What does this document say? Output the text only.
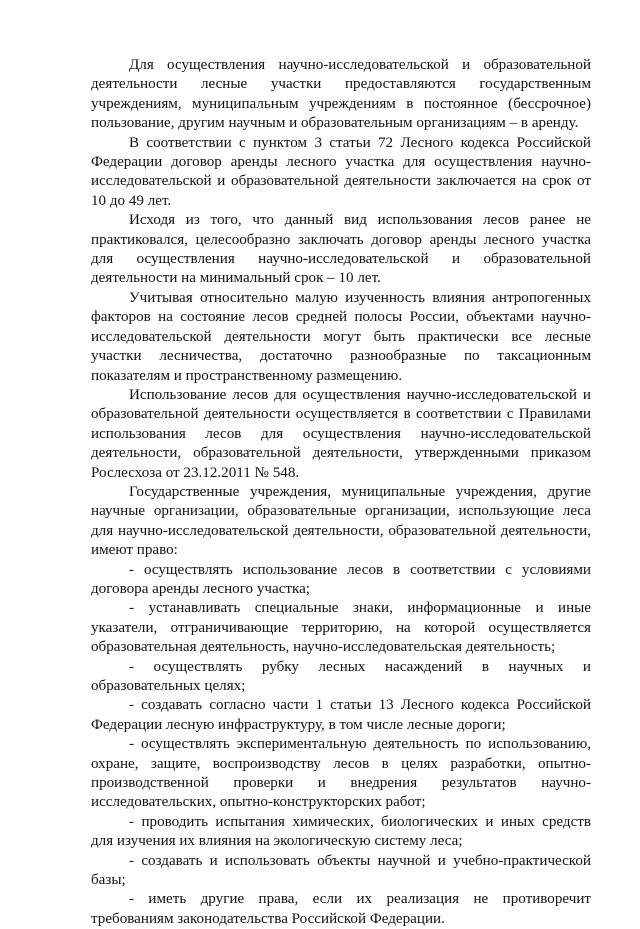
Для осуществления научно-исследовательской и образовательной деятельности лесные участки предоставляются государственным учреждениям, муниципальным учреждениям в постоянное (бессрочное) пользование, другим научным и образовательным организациям – в аренду.

В соответствии с пунктом 3 статьи 72 Лесного кодекса Российской Федерации договор аренды лесного участка для осуществления научно-исследовательской и образовательной деятельности заключается на срок от 10 до 49 лет.

Исходя из того, что данный вид использования лесов ранее не практиковался, целесообразно заключать договор аренды лесного участка для осуществления научно-исследовательской и образовательной деятельности на минимальный срок – 10 лет.

Учитывая относительно малую изученность влияния антропогенных факторов на состояние лесов средней полосы России, объектами научно-исследовательской деятельности могут быть практически все лесные участки лесничества, достаточно разнообразные по таксационным показателям и пространственному размещению.

Использование лесов для осуществления научно-исследовательской и образовательной деятельности осуществляется в соответствии с Правилами использования лесов для осуществления научно-исследовательской деятельности, образовательной деятельности, утвержденными приказом Рослесхоза от 23.12.2011 № 548.

Государственные учреждения, муниципальные учреждения, другие научные организации, образовательные организации, использующие леса для научно-исследовательской деятельности, образовательной деятельности, имеют право:

- осуществлять использование лесов в соответствии с условиями договора аренды лесного участка;

- устанавливать специальные знаки, информационные и иные указатели, отграничивающие территорию, на которой осуществляется образовательная деятельность, научно-исследовательская деятельность;

- осуществлять рубку лесных насаждений в научных и образовательных целях;

- создавать согласно части 1 статьи 13 Лесного кодекса Российской Федерации лесную инфраструктуру, в том числе лесные дороги;

- осуществлять экспериментальную деятельность по использованию, охране, защите, воспроизводству лесов в целях разработки, опытно-производственной проверки и внедрения результатов научно-исследовательских, опытно-конструкторских работ;

- проводить испытания химических, биологических и иных средств для изучения их влияния на экологическую систему леса;

- создавать и использовать объекты научной и учебно-практической базы;

- иметь другие права, если их реализация не противоречит требованиям законодательства Российской Федерации.
